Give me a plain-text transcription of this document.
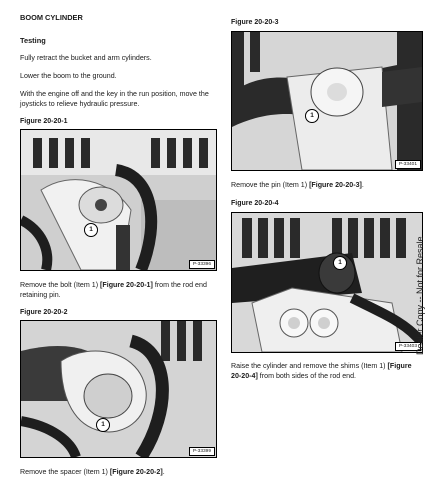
BOOM CYLINDER
Testing
Fully retract the bucket and arm cylinders.
Lower the boom to the ground.
With the engine off and the key in the run position, move the joysticks to relieve hydraulic pressure.
Figure 20-20-1
1
P-33396
Remove the bolt (Item 1) [Figure 20-20-1] from the rod end retaining pin.
Figure 20-20-2
1
P-33399
Remove the spacer (Item 1) [Figure 20-20-2].
Figure 20-20-3
1
P-33401
Remove the pin (Item 1) [Figure 20-20-3].
Figure 20-20-4
1
P-33403
Raise the cylinder and remove the shims (Item 1) [Figure 20-20-4] from both sides of the rod end.
Dealer Copy -- Not for Resale
